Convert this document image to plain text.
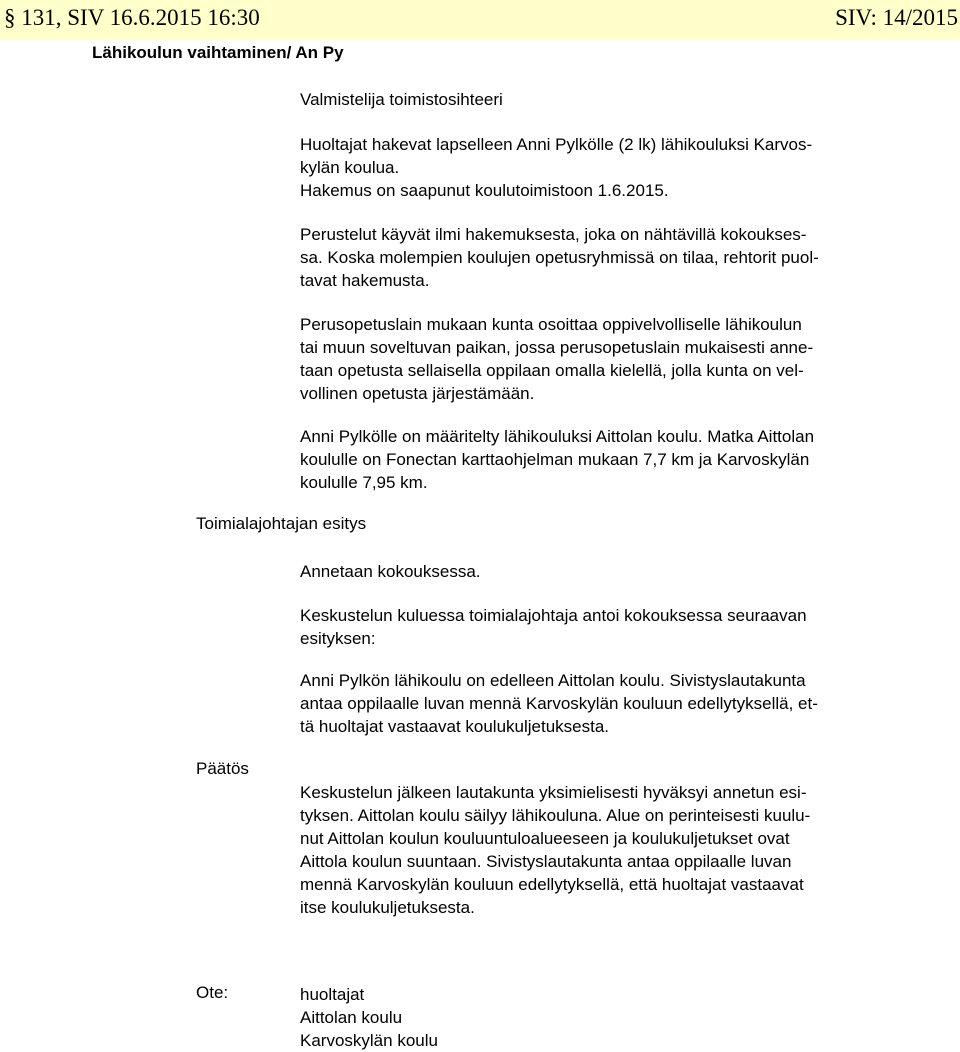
§ 131, SIV 16.6.2015 16:30	SIV: 14/2015
Lähikoulun vaihtaminen/ An Py
Valmistelija toimistosihteeri
Huoltajat hakevat lapselleen Anni Pylkölle (2 lk) lähikouluksi Karvos-
kylän koulua.
Hakemus on saapunut koulutoimistoon 1.6.2015.
Perustelut käyvät ilmi hakemuksesta, joka on nähtävillä kokoukses-
sa. Koska molempien koulujen opetusryhmissä on tilaa, rehtorit puol-
tavat hakemusta.
Perusopetuslain mukaan kunta osoittaa oppivelvolliselle lähikoulun
tai muun soveltuvan paikan, jossa perusopetuslain mukaisesti anne-
taan opetusta sellaisella oppilaan omalla kielellä, jolla kunta on vel-
vollinen opetusta järjestämään.
Anni Pylkölle on määritelty lähikouluksi Aittolan koulu. Matka Aittolan
koululle on Fonectan karttaohjelman mukaan 7,7 km ja Karvoskylän
koululle 7,95 km.
Toimialajohtajan esitys
Annetaan kokouksessa.
Keskustelun kuluessa toimialajohtaja antoi kokouksessa seuraavan
esityksen:
Anni Pylkön lähikoulu on edelleen Aittolan koulu. Sivistyslautakunta
antaa oppilaalle luvan mennä Karvoskylän kouluun edellytyksellä, et-
tä huoltajat vastaavat koulukuljetuksesta.
Päätös
Keskustelun jälkeen lautakunta yksimielisesti hyväksyi annetun esi-
tyksen. Aittolan koulu säilyy lähikouluna. Alue on perinteisesti kuulu-
nut Aittolan koulun kouluuntuloalueeseen ja koulukuljetukset ovat
Aittola koulun suuntaan. Sivistyslautakunta antaa oppilaalle luvan
mennä Karvoskylän kouluun edellytyksellä, että huoltajat vastaavat
itse koulukuljetuksesta.
Ote:	huoltajat
Aittolan koulu
Karvoskylän koulu
